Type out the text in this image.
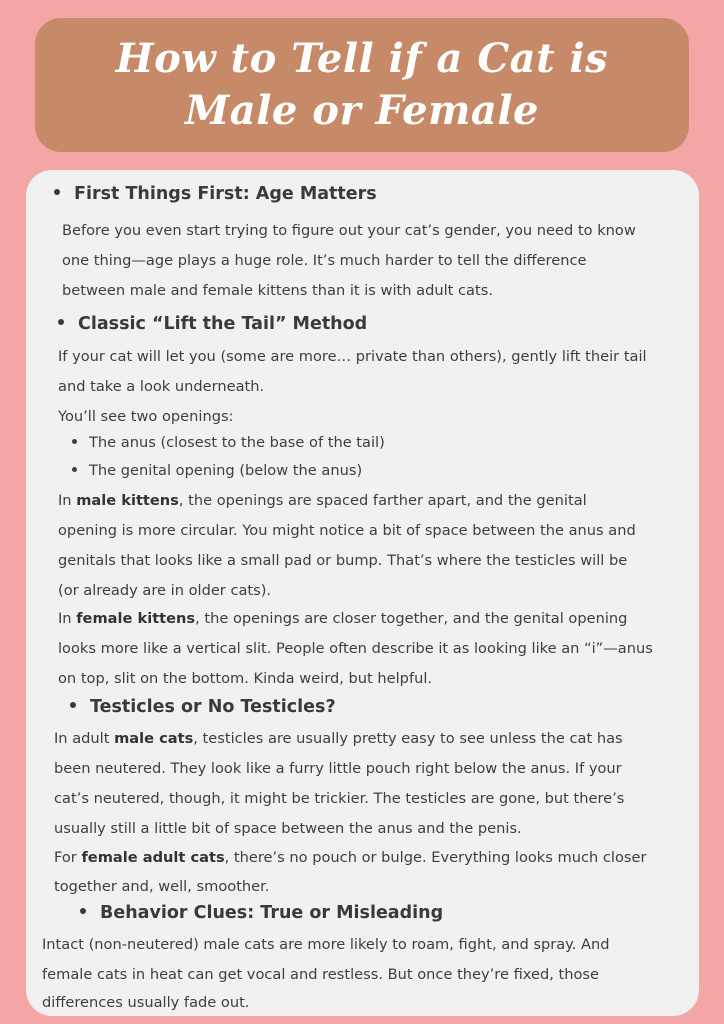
How to Tell if a Cat is Male or Female
First Things First: Age Matters

Before you even start trying to figure out your cat’s gender, you need to know

one thing—age plays a huge role. It’s much harder to tell the difference

between male and female kittens than it is with adult cats.

Classic “Lift the Tail” Method

If your cat will let you (some are more… private than others), gently lift their tail

and take a look underneath.

You’ll see two openings:

The anus (closest to the base of the tail)

The genital opening (below the anus)

In male kittens, the openings are spaced farther apart, and the genital

opening is more circular. You might notice a bit of space between the anus and

genitals that looks like a small pad or bump. That’s where the testicles will be

(or already are in older cats).

In female kittens, the openings are closer together, and the genital opening

looks more like a vertical slit. People often describe it as looking like an “i”—anus

on top, slit on the bottom. Kinda weird, but helpful.

Testicles or No Testicles?

In adult male cats, testicles are usually pretty easy to see unless the cat has

been neutered. They look like a furry little pouch right below the anus. If your

cat’s neutered, though, it might be trickier. The testicles are gone, but there’s

usually still a little bit of space between the anus and the penis.

For female adult cats, there’s no pouch or bulge. Everything looks much closer

together and, well, smoother.

Behavior Clues: True or Misleading

Intact (non-neutered) male cats are more likely to roam, fight, and spray. And

female cats in heat can get vocal and restless. But once they’re fixed, those

differences usually fade out.
